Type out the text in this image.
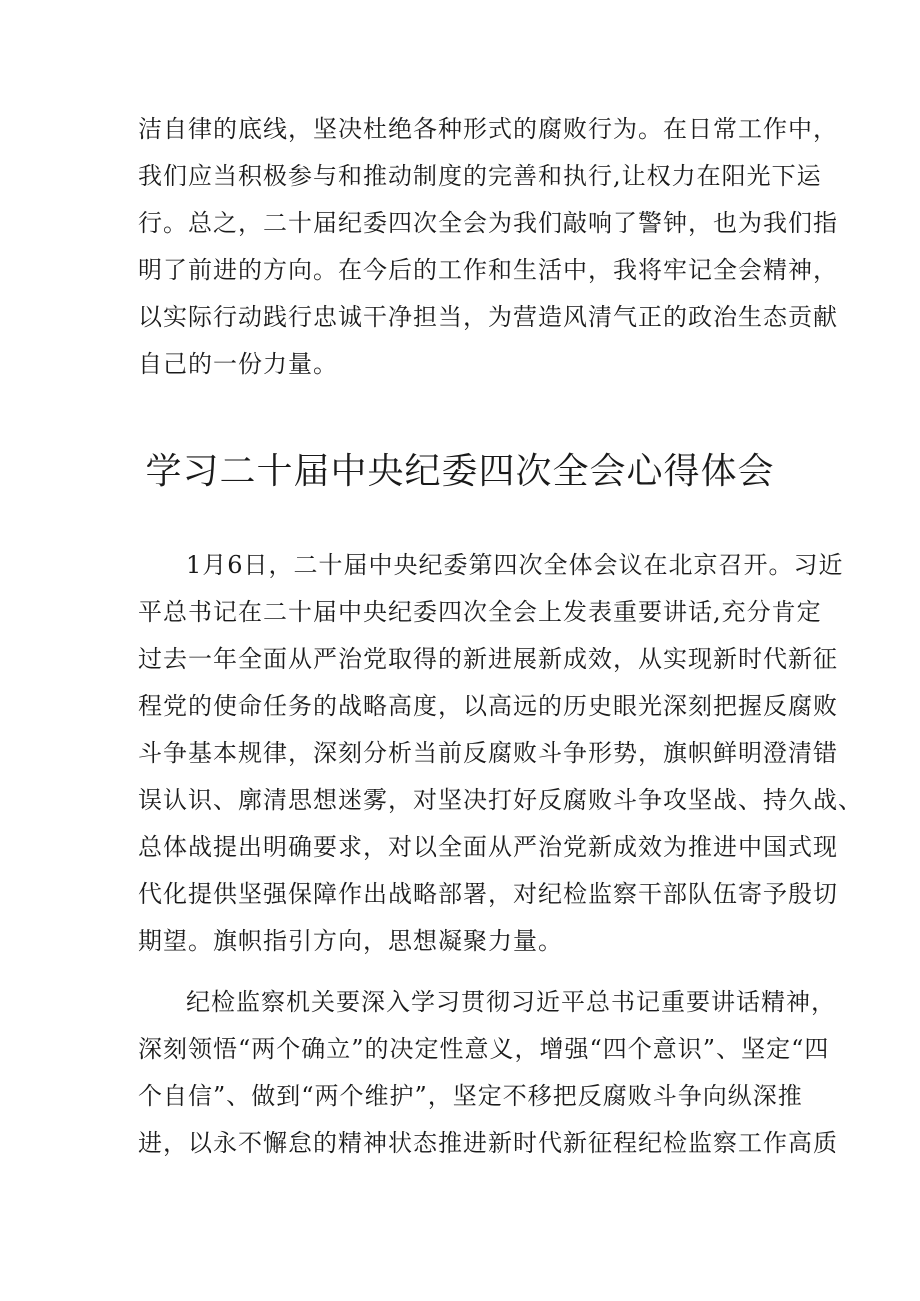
洁自律的底线，坚决杜绝各种形式的腐败行为。在日常工作中，
我们应当积极参与和推动制度的完善和执行,让权力在阳光下运
行。总之，二十届纪委四次全会为我们敲响了警钟，也为我们指
明了前进的方向。在今后的工作和生活中，我将牢记全会精神，
以实际行动践行忠诚干净担当，为营造风清气正的政治生态贡献
自己的一份力量。
学习二十届中央纪委四次全会心得体会
1月6日，二十届中央纪委第四次全体会议在北京召开。习近
平总书记在二十届中央纪委四次全会上发表重要讲话,充分肯定
过去一年全面从严治党取得的新进展新成效，从实现新时代新征
程党的使命任务的战略高度，以高远的历史眼光深刻把握反腐败
斗争基本规律，深刻分析当前反腐败斗争形势，旗帜鲜明澄清错
误认识、廓清思想迷雾，对坚决打好反腐败斗争攻坚战、持久战、
总体战提出明确要求，对以全面从严治党新成效为推进中国式现
代化提供坚强保障作出战略部署，对纪检监察干部队伍寄予殷切
期望。旗帜指引方向，思想凝聚力量。
纪检监察机关要深入学习贯彻习近平总书记重要讲话精神，
深刻领悟“两个确立”的决定性意义，增强“四个意识”、坚定“四
个自信”、做到“两个维护”，坚定不移把反腐败斗争向纵深推
进，以永不懈怠的精神状态推进新时代新征程纪检监察工作高质
